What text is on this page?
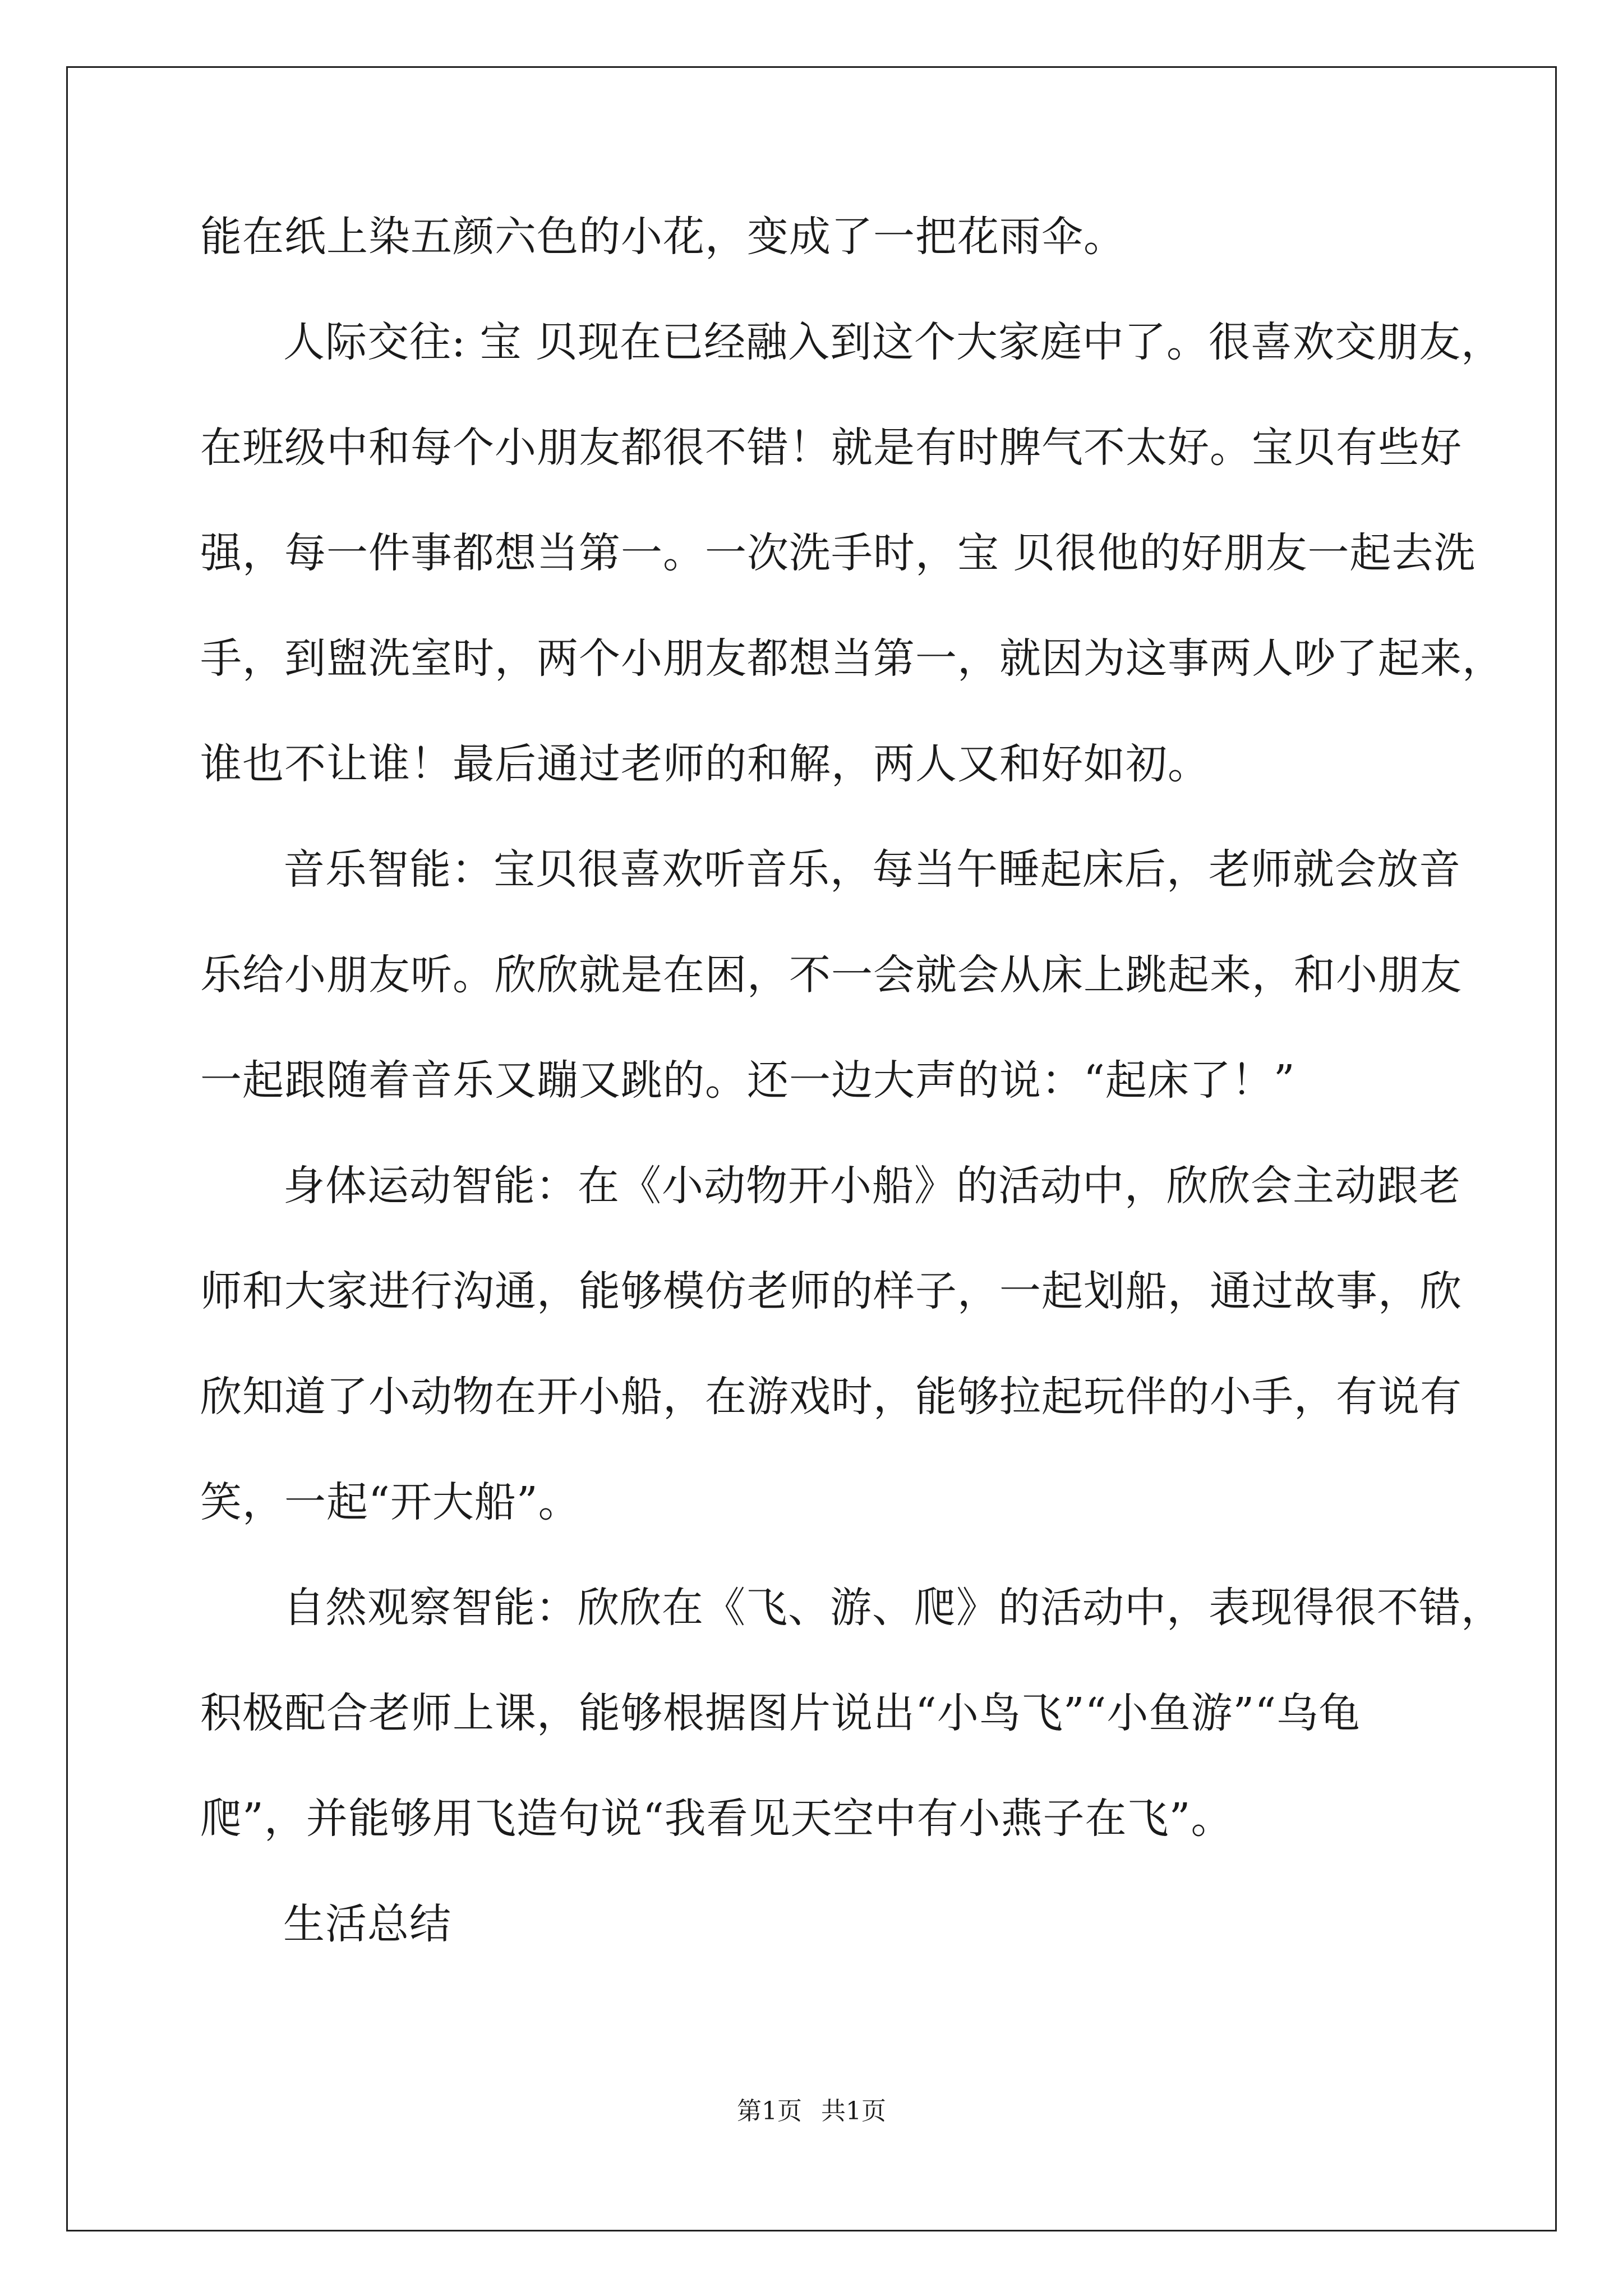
能在纸上染五颜六色的小花，变成了一把花雨伞。
人际交往: 宝 贝现在已经融入到这个大家庭中了。很喜欢交朋友，
在班级中和每个小朋友都很不错！就是有时脾气不太好。宝贝有些好
强，每一件事都想当第一。一次洗手时，宝 贝很他的好朋友一起去洗
手，到盥洗室时，两个小朋友都想当第一，就因为这事两人吵了起来，
谁也不让谁！最后通过老师的和解，两人又和好如初。
音乐智能：宝贝很喜欢听音乐，每当午睡起床后，老师就会放音
乐给小朋友听。欣欣就是在困，不一会就会从床上跳起来，和小朋友
一起跟随着音乐又蹦又跳的。还一边大声的说：“起床了！”
身体运动智能：在《小动物开小船》的活动中，欣欣会主动跟老
师和大家进行沟通，能够模仿老师的样子，一起划船，通过故事，欣
欣知道了小动物在开小船，在游戏时，能够拉起玩伴的小手，有说有
笑，一起“开大船”。
自然观察智能：欣欣在《飞、游、爬》的活动中，表现得很不错，
积极配合老师上课，能够根据图片说出“小鸟飞”“小鱼游”“乌龟
爬”，并能够用飞造句说“我看见天空中有小燕子在飞”。
生活总结
第1页 共1页
